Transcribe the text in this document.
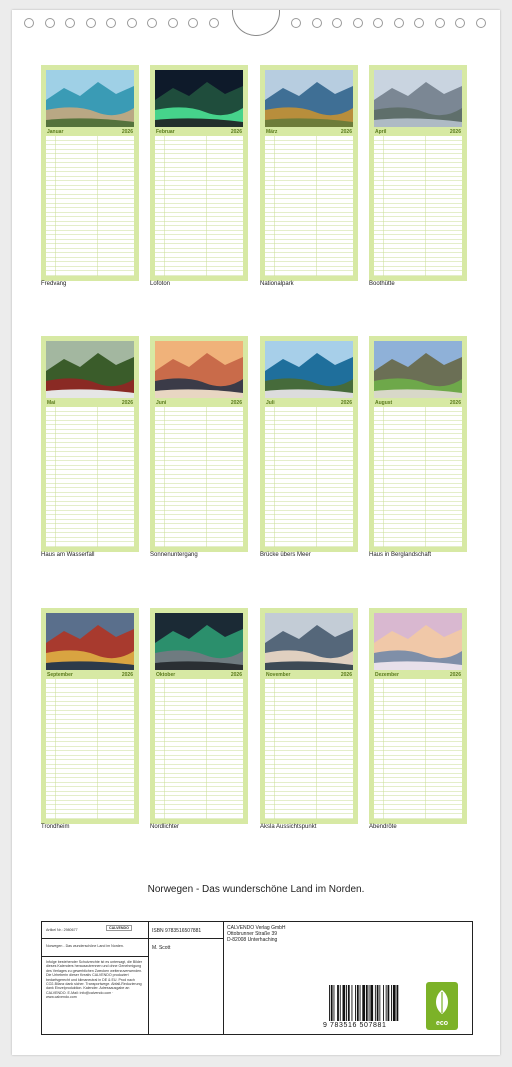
Januar	2026
Fredvang
Februar	2026
Lofoton
März	2026
Nationalpark
April	2026
Boothütte
Mai	2026
Haus am Wasserfall
Juni	2026
Sonnenuntergang
Juli	2026
Brücke übers Meer
August	2026
Haus in Berglandschaft
September	2026
Trondheim
Oktober	2026
Nordlichter
November	2026
Aksla Aussichtspunkt
Dezember	2026
Abendröte
Norwegen - Das wunderschöne Land im Norden.
Artikel Nr.: 2980677	CALVENDO
Norwegen - Das wunderschöne Land im Norden.
Infolge bestehender Schutzrechte ist es untersagt, die Bilder dieses Kalenders herauszutrennen und ohne Genehmigung des Verlages zu gewerblichen Zwecken weiterzuverwenden. Die Urheberin dieser Kreativ CALVENDO produziert bedarfsgerecht und klimaneutral in DE & EU. Prod nach CO2-Bilanz dank sicher. Transportwege. Abfall-Reduzierung dank Einzelproduktion. Kalender. Adressausgabe an CALVENDO. E-Mail: info@calvendo.com · www.calvendo.com
ISBN 9783516507881
M. Scott
CALVENDO Verlag GmbH
Ottobrunner Straße 39
D-82008 Unterhaching
9 783516 507881	eco
